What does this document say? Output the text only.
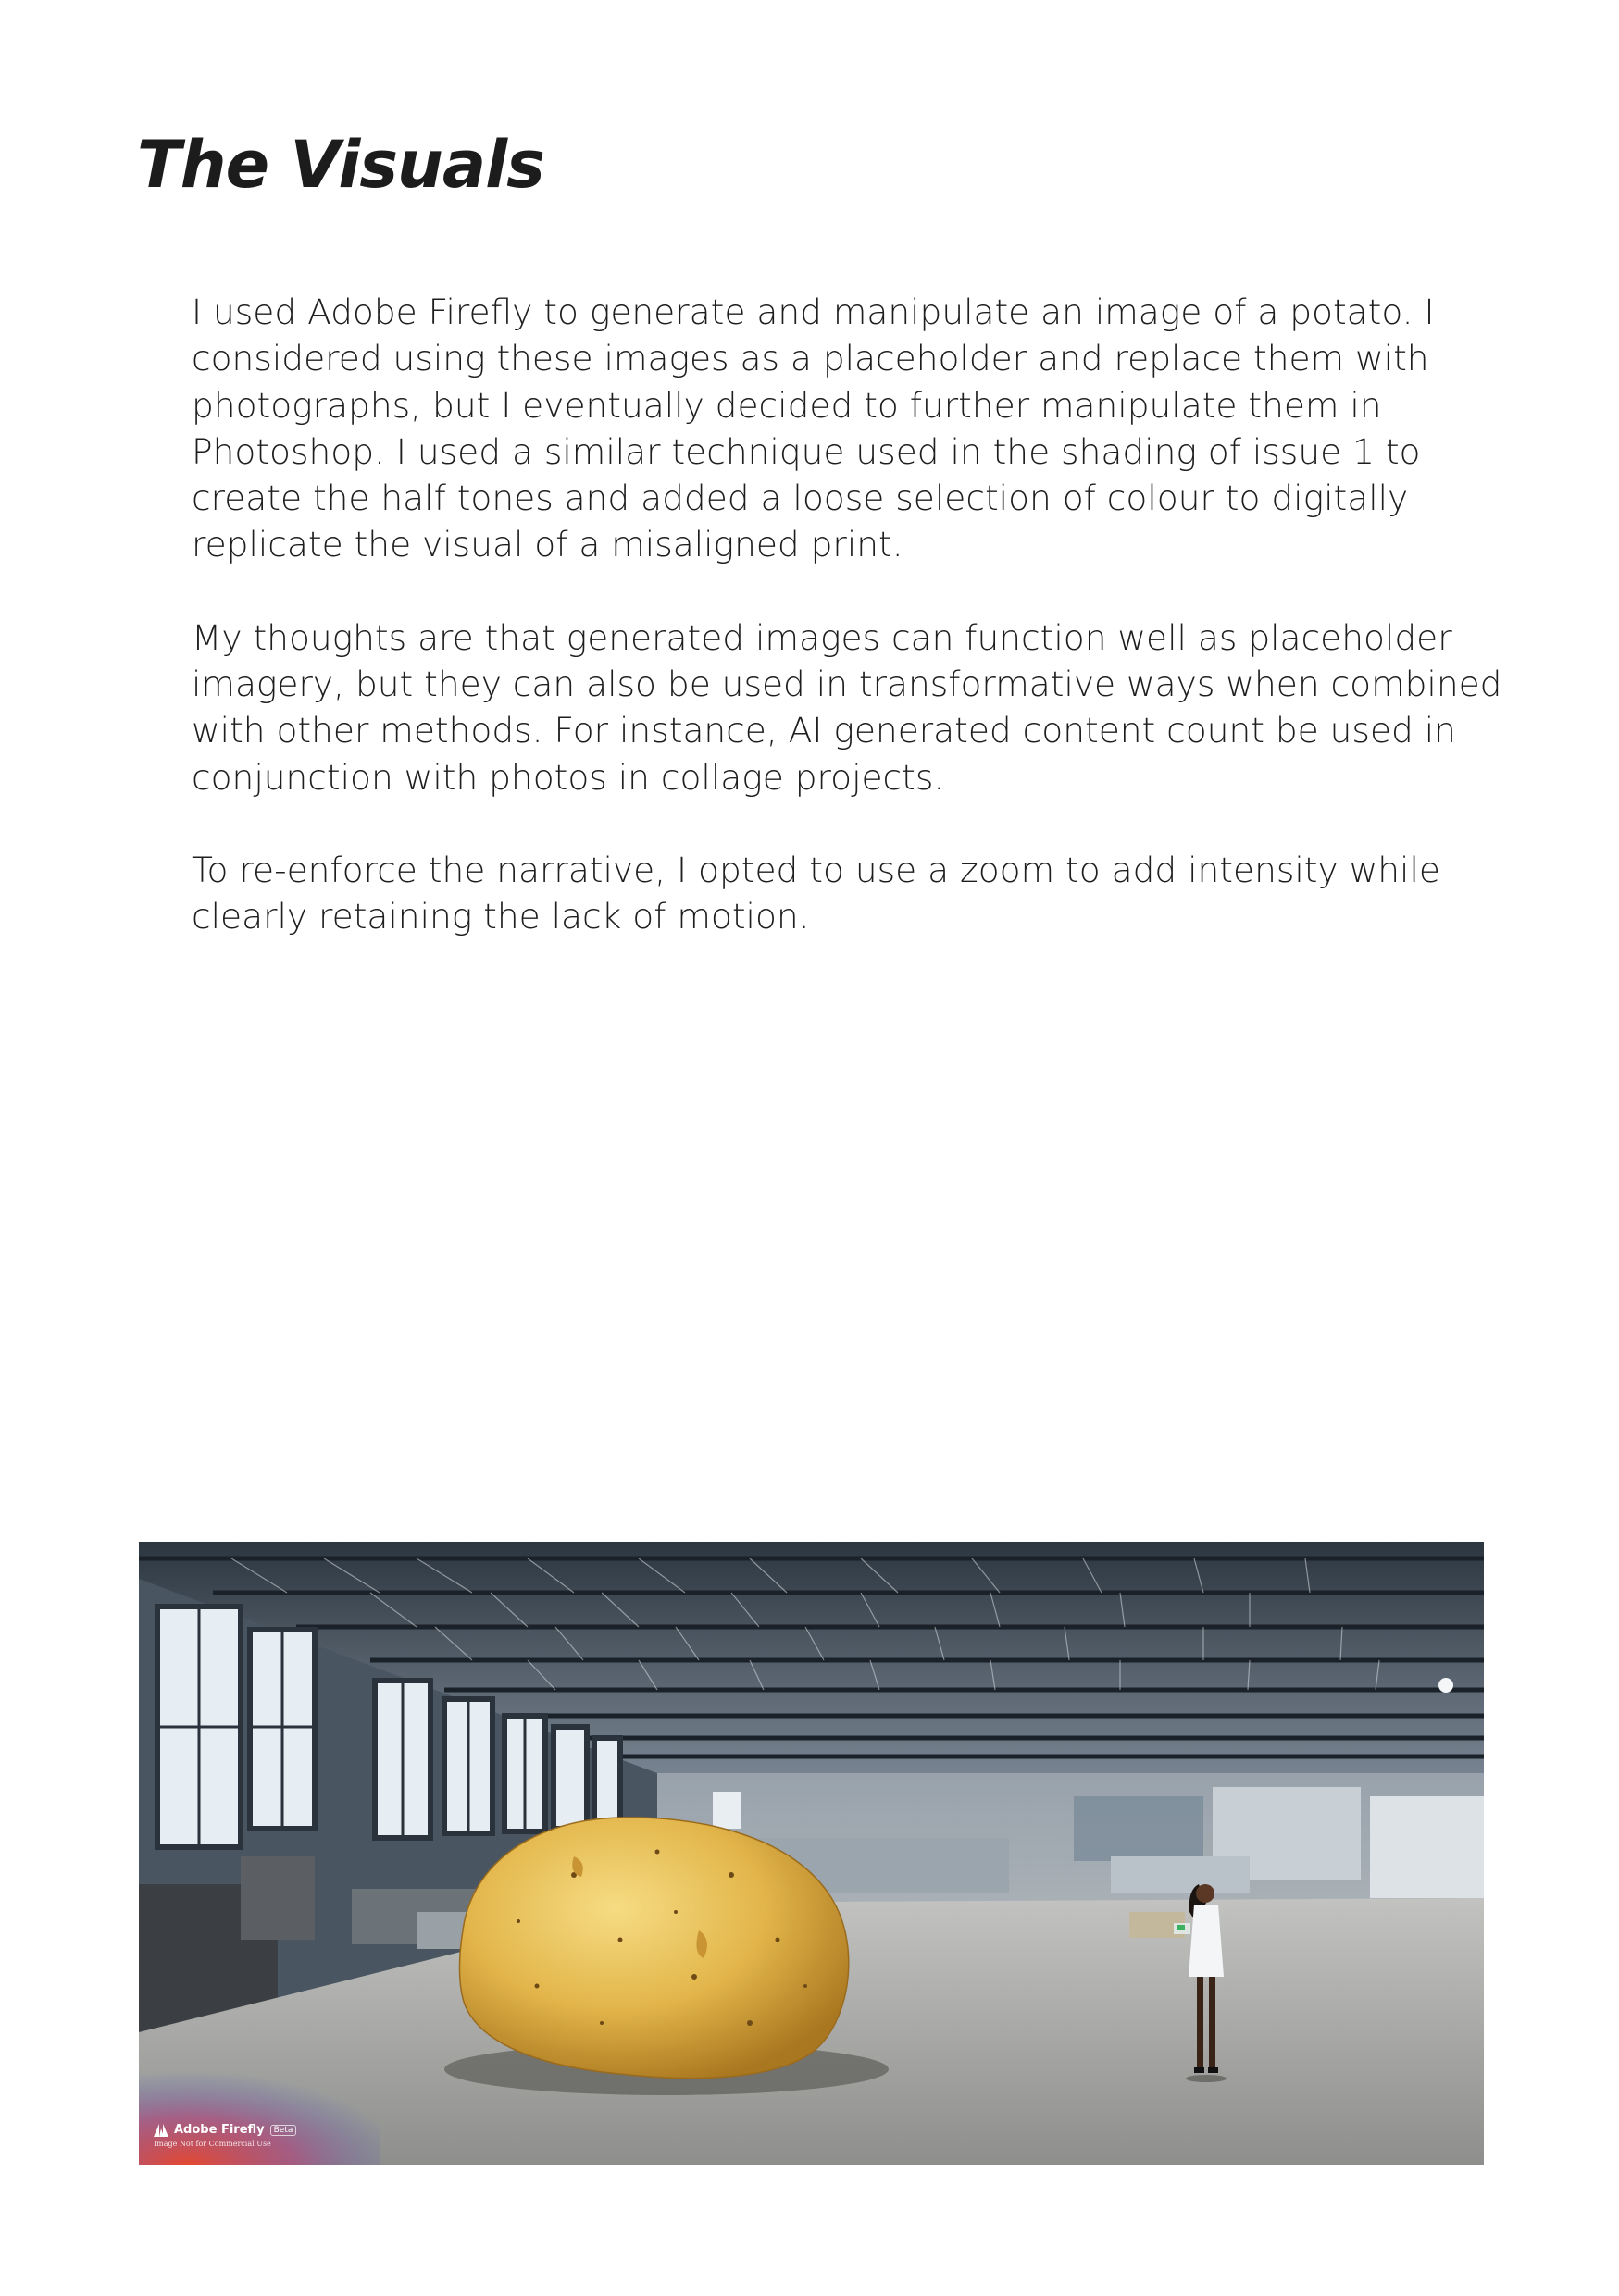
The Visuals

I used Adobe Firefly to generate and manipulate an image of a potato. I
considered using these images as a placeholder and replace them with
photographs, but I eventually decided to further manipulate them in
Photoshop. I used a similar technique used in the shading of issue 1 to
create the half tones and added a loose selection of colour to digitally
replicate the visual of a misaligned print.

My thoughts are that generated images can function well as placeholder
imagery, but they can also be used in transformative ways when combined
with other methods. For instance, AI generated content count be used in
conjunction with photos in collage projects.

To re-enforce the narrative, I opted to use a zoom to add intensity while
clearly retaining the lack of motion.

Adobe Firefly	Beta
Image Not for Commercial Use
